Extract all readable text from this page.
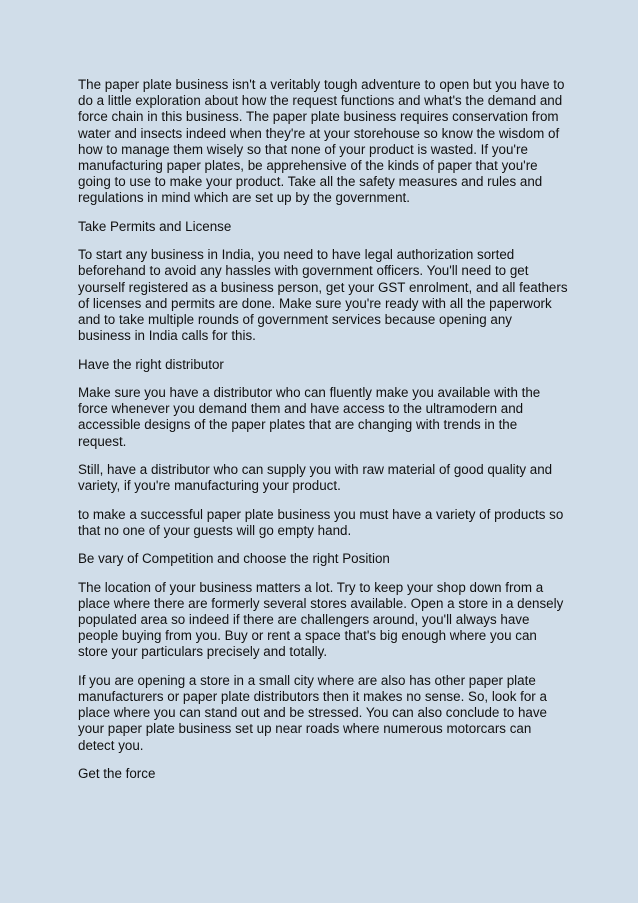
The paper plate business isn't a veritably tough adventure to open but you have to do a little exploration about how the request functions and what's the demand and force chain in this business. The paper plate business requires conservation from water and insects indeed when they're at your storehouse so know the wisdom of how to manage them wisely so that none of your product is wasted. If you're manufacturing paper plates, be apprehensive of the kinds of paper that you're going to use to make your product. Take all the safety measures and rules and regulations in mind which are set up by the government.

Take Permits and License

To start any business in India, you need to have legal authorization sorted beforehand to avoid any hassles with government officers. You'll need to get yourself registered as a business person, get your GST enrolment, and all feathers of licenses and permits are done. Make sure you're ready with all the paperwork and to take multiple rounds of government services because opening any business in India calls for this.

Have the right distributor

Make sure you have a distributor who can fluently make you available with the force whenever you demand them and have access to the ultramodern and accessible designs of the paper plates that are changing with trends in the request.

Still, have a distributor who can supply you with raw material of good quality and variety, if you're manufacturing your product.

to make a successful paper plate business you must have a variety of products so that no one of your guests will go empty hand.

Be vary of Competition and choose the right Position

The location of your business matters a lot. Try to keep your shop down from a place where there are formerly several stores available. Open a store in a densely populated area so indeed if there are challengers around, you'll always have people buying from you. Buy or rent a space that's big enough where you can store your particulars precisely and totally.

If you are opening a store in a small city where are also has other paper plate manufacturers or paper plate distributors then it makes no sense. So, look for a place where you can stand out and be stressed. You can also conclude to have your paper plate business set up near roads where numerous motorcars can detect you.

Get the force
